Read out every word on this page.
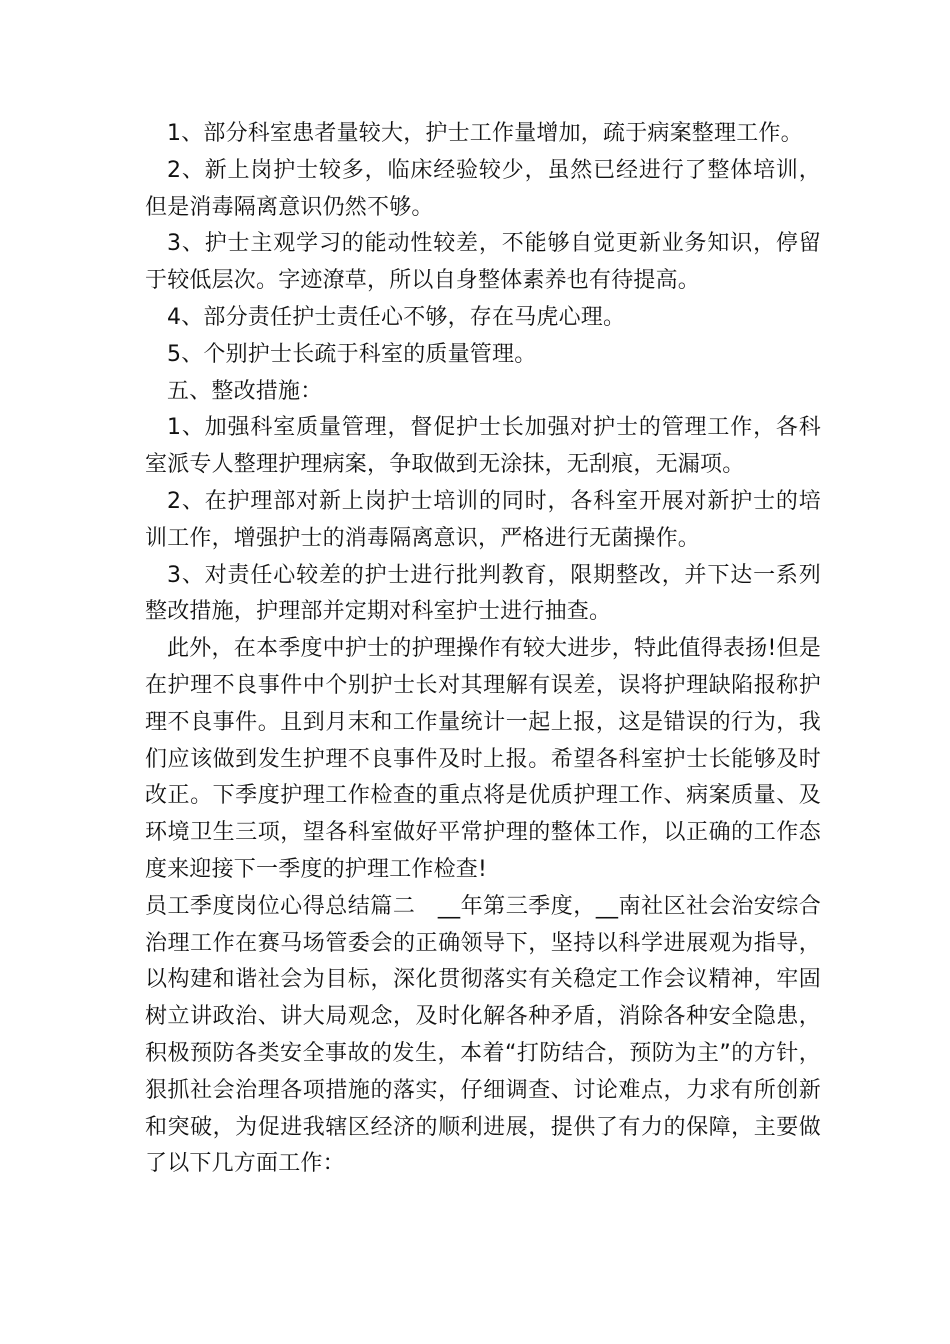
1、部分科室患者量较大，护士工作量增加，疏于病案整理工作。

2、新上岗护士较多，临床经验较少，虽然已经进行了整体培训，但是消毒隔离意识仍然不够。

3、护士主观学习的能动性较差，不能够自觉更新业务知识，停留于较低层次。字迹潦草，所以自身整体素养也有待提高。

4、部分责任护士责任心不够，存在马虎心理。

5、个别护士长疏于科室的质量管理。

五、整改措施：

1、加强科室质量管理，督促护士长加强对护士的管理工作，各科室派专人整理护理病案，争取做到无涂抹，无刮痕，无漏项。

2、在护理部对新上岗护士培训的同时，各科室开展对新护士的培训工作，增强护士的消毒隔离意识，严格进行无菌操作。

3、对责任心较差的护士进行批判教育，限期整改，并下达一系列整改措施，护理部并定期对科室护士进行抽查。

此外，在本季度中护士的护理操作有较大进步，特此值得表扬!但是在护理不良事件中个别护士长对其理解有误差，误将护理缺陷报称护理不良事件。且到月末和工作量统计一起上报，这是错误的行为，我们应该做到发生护理不良事件及时上报。希望各科室护士长能够及时改正。下季度护理工作检查的重点将是优质护理工作、病案质量、及环境卫生三项，望各科室做好平常护理的整体工作，以正确的工作态度来迎接下一季度的护理工作检查!

员工季度岗位心得总结篇二　__年第三季度，__南社区社会治安综合治理工作在赛马场管委会的正确领导下，坚持以科学进展观为指导，以构建和谐社会为目标，深化贯彻落实有关稳定工作会议精神，牢固树立讲政治、讲大局观念，及时化解各种矛盾，消除各种安全隐患，积极预防各类安全事故的发生，本着“打防结合，预防为主”的方针，狠抓社会治理各项措施的落实，仔细调查、讨论难点，力求有所创新和突破，为促进我辖区经济的顺利进展，提供了有力的保障，主要做了以下几方面工作：
